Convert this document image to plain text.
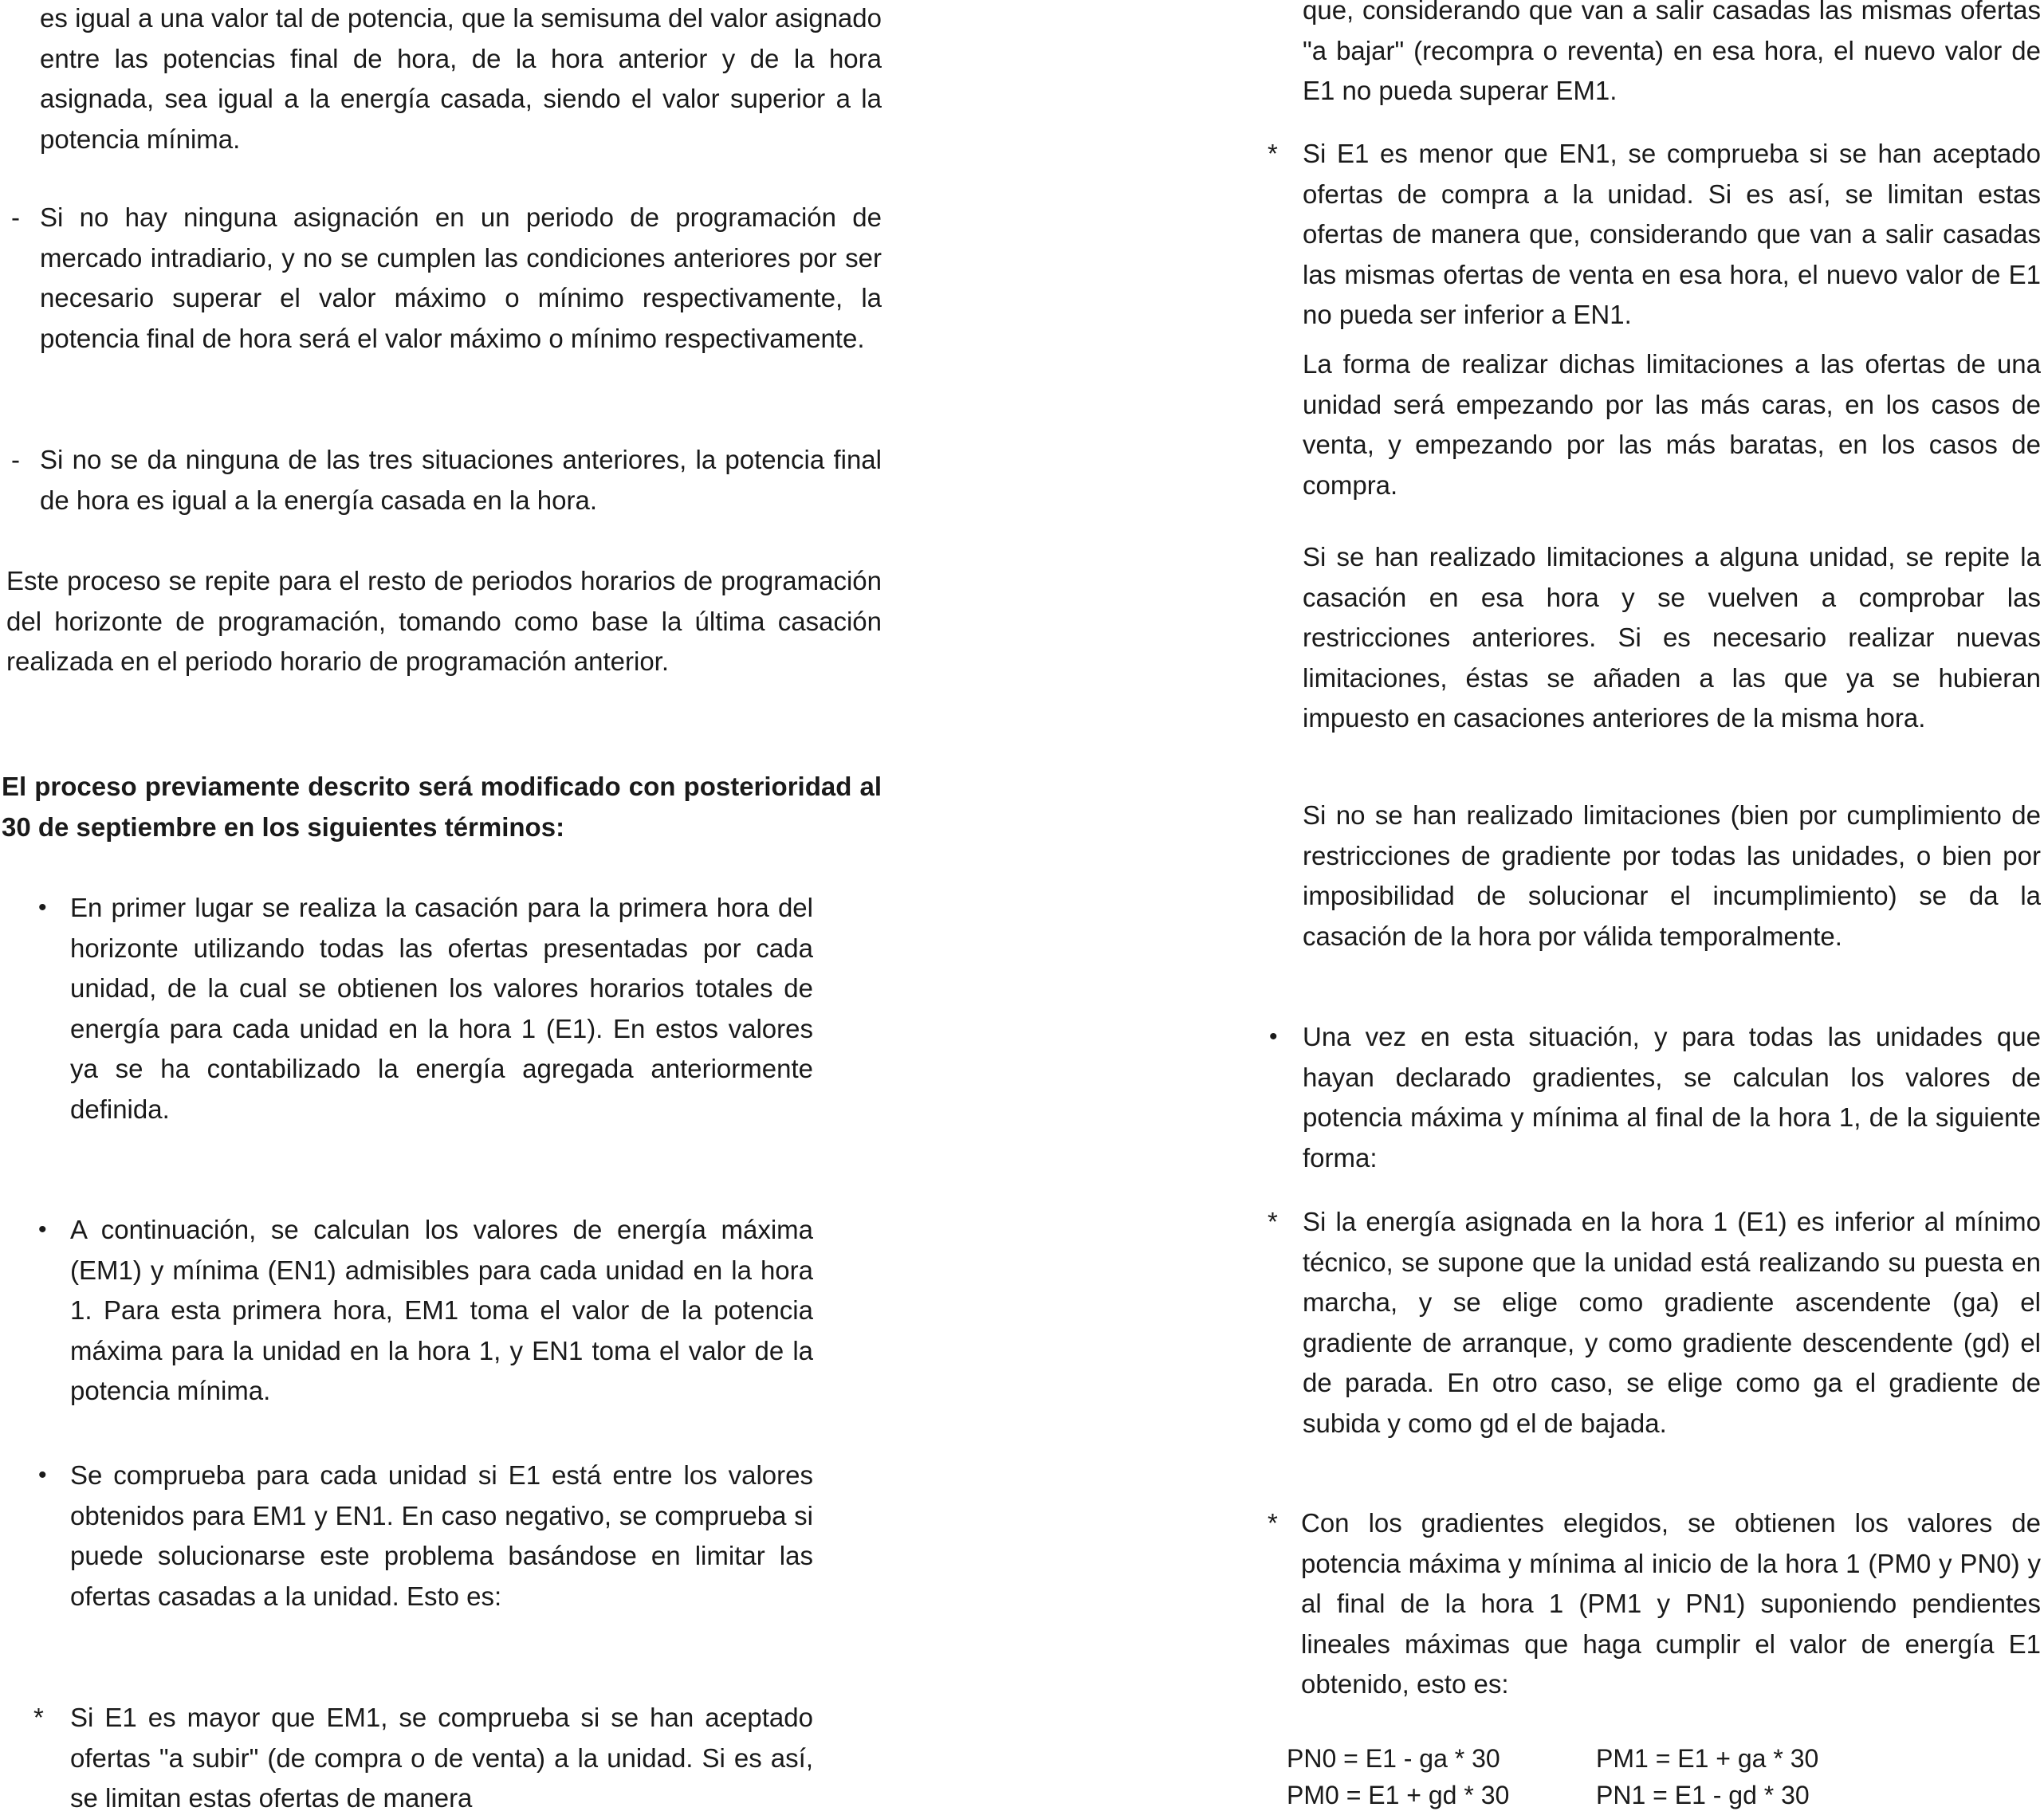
es igual a una valor tal de potencia, que la semisuma del valor asignado entre las potencias final de hora, de la hora anterior y de la hora asignada, sea igual a la energía casada, siendo el valor superior a la potencia mínima.

- Si no hay ninguna asignación en un periodo de programación de mercado intradiario, y no se cumplen las condiciones anteriores por ser necesario superar el valor máximo o mínimo respectivamente, la potencia final de hora será el valor máximo o mínimo respectivamente.

- Si no se da ninguna de las tres situaciones anteriores, la potencia final de hora es igual a la energía casada en la hora.

Este proceso se repite para el resto de periodos horarios de programación del horizonte de programación, tomando como base la última casación realizada en el periodo horario de programación anterior.

El proceso previamente descrito será modificado con posterioridad al 30 de septiembre en los siguientes términos:

• En primer lugar se realiza la casación para la primera hora del horizonte utilizando todas las ofertas presentadas por cada unidad, de la cual se obtienen los valores horarios totales de energía para cada unidad en la hora 1 (E1). En estos valores ya se ha contabilizado la energía agregada anteriormente definida.

• A continuación, se calculan los valores de energía máxima (EM1) y mínima (EN1) admisibles para cada unidad en la hora 1. Para esta primera hora, EM1 toma el valor de la potencia máxima para la unidad en la hora 1, y EN1 toma el valor de la potencia mínima.

• Se comprueba para cada unidad si E1 está entre los valores obtenidos para EM1 y EN1. En caso negativo, se comprueba si puede solucionarse este problema basándose en limitar las ofertas casadas a la unidad. Esto es:

* Si E1 es mayor que EM1, se comprueba si se han aceptado ofertas "a subir" (de compra o de venta) a la unidad. Si es así, se limitan estas ofertas de manera

que, considerando que van a salir casadas las mismas ofertas "a bajar" (recompra o reventa) en esa hora, el nuevo valor de E1 no pueda superar EM1.

* Si E1 es menor que EN1, se comprueba si se han aceptado ofertas de compra a la unidad. Si es así, se limitan estas ofertas de manera que, considerando que van a salir casadas las mismas ofertas de venta en esa hora, el nuevo valor de E1 no pueda ser inferior a EN1.

La forma de realizar dichas limitaciones a las ofertas de una unidad será empezando por las más caras, en los casos de venta, y empezando por las más baratas, en los casos de compra.

Si se han realizado limitaciones a alguna unidad, se repite la casación en esa hora y se vuelven a comprobar las restricciones anteriores. Si es necesario realizar nuevas limitaciones, éstas se añaden a las que ya se hubieran impuesto en casaciones anteriores de la misma hora.

Si no se han realizado limitaciones (bien por cumplimiento de restricciones de gradiente por todas las unidades, o bien por imposibilidad de solucionar el incumplimiento) se da la casación de la hora por válida temporalmente.

• Una vez en esta situación, y para todas las unidades que hayan declarado gradientes, se calculan los valores de potencia máxima y mínima al final de la hora 1, de la siguiente forma:

* Si la energía asignada en la hora 1 (E1) es inferior al mínimo técnico, se supone que la unidad está realizando su puesta en marcha, y se elige como gradiente ascendente (ga) el gradiente de arranque, y como gradiente descendente (gd) el de parada. En otro caso, se elige como ga el gradiente de subida y como gd el de bajada.

* Con los gradientes elegidos, se obtienen los valores de potencia máxima y mínima al inicio de la hora 1 (PM0 y PN0) y al final de la hora 1 (PM1 y PN1) suponiendo pendientes lineales máximas que haga cumplir el valor de energía E1 obtenido, esto es:

PN0 = E1 - ga * 30	PM1 = E1 + ga * 30
PM0 = E1 + gd * 30	PN1 = E1 - gd * 30
